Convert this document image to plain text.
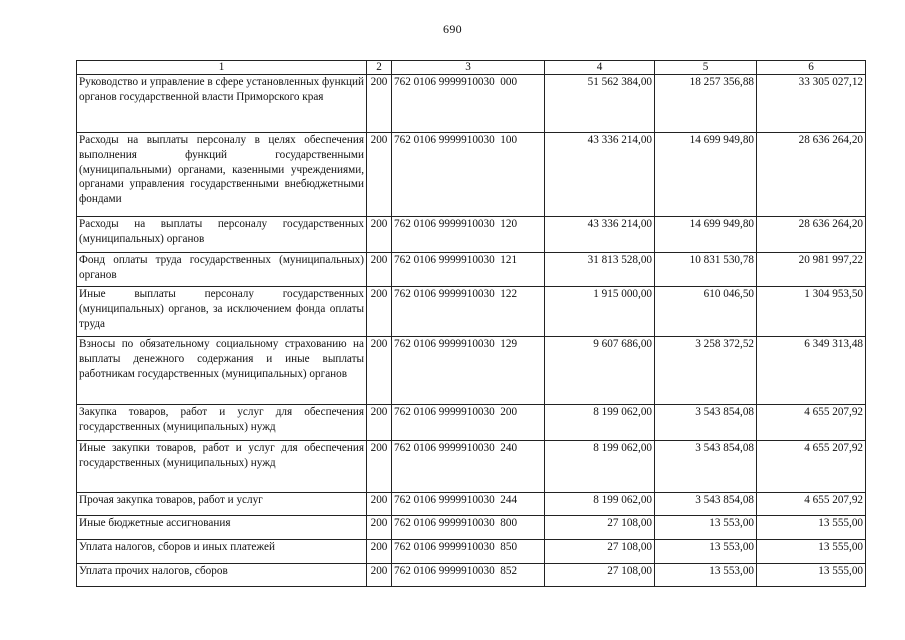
690
1	2	3	4	5	6
Руководство и управление в сфере установленных функций органов государственной власти Приморского края	200	762 0106 9999910030  000	51 562 384,00	18 257 356,88	33 305 027,12
Расходы на выплаты персоналу в целях обеспечения выполнения функций государственными (муниципальными) органами, казенными учреждениями, органами управления государственными внебюджетными фондами	200	762 0106 9999910030  100	43 336 214,00	14 699 949,80	28 636 264,20
Расходы на выплаты персоналу государственных (муниципальных) органов	200	762 0106 9999910030  120	43 336 214,00	14 699 949,80	28 636 264,20
Фонд оплаты труда государственных (муниципальных) органов	200	762 0106 9999910030  121	31 813 528,00	10 831 530,78	20 981 997,22
Иные выплаты персоналу государственных (муниципальных) органов, за исключением фонда оплаты труда	200	762 0106 9999910030  122	1 915 000,00	610 046,50	1 304 953,50
Взносы по обязательному социальному страхованию на выплаты денежного содержания и иные выплаты работникам государственных (муниципальных) органов	200	762 0106 9999910030  129	9 607 686,00	3 258 372,52	6 349 313,48
Закупка товаров, работ и услуг для обеспечения государственных (муниципальных) нужд	200	762 0106 9999910030  200	8 199 062,00	3 543 854,08	4 655 207,92
Иные закупки товаров, работ и услуг для обеспечения государственных (муниципальных) нужд	200	762 0106 9999910030  240	8 199 062,00	3 543 854,08	4 655 207,92
Прочая закупка товаров, работ и услуг	200	762 0106 9999910030  244	8 199 062,00	3 543 854,08	4 655 207,92
Иные бюджетные ассигнования	200	762 0106 9999910030  800	27 108,00	13 553,00	13 555,00
Уплата налогов, сборов и иных платежей	200	762 0106 9999910030  850	27 108,00	13 553,00	13 555,00
Уплата прочих налогов, сборов	200	762 0106 9999910030  852	27 108,00	13 553,00	13 555,00
